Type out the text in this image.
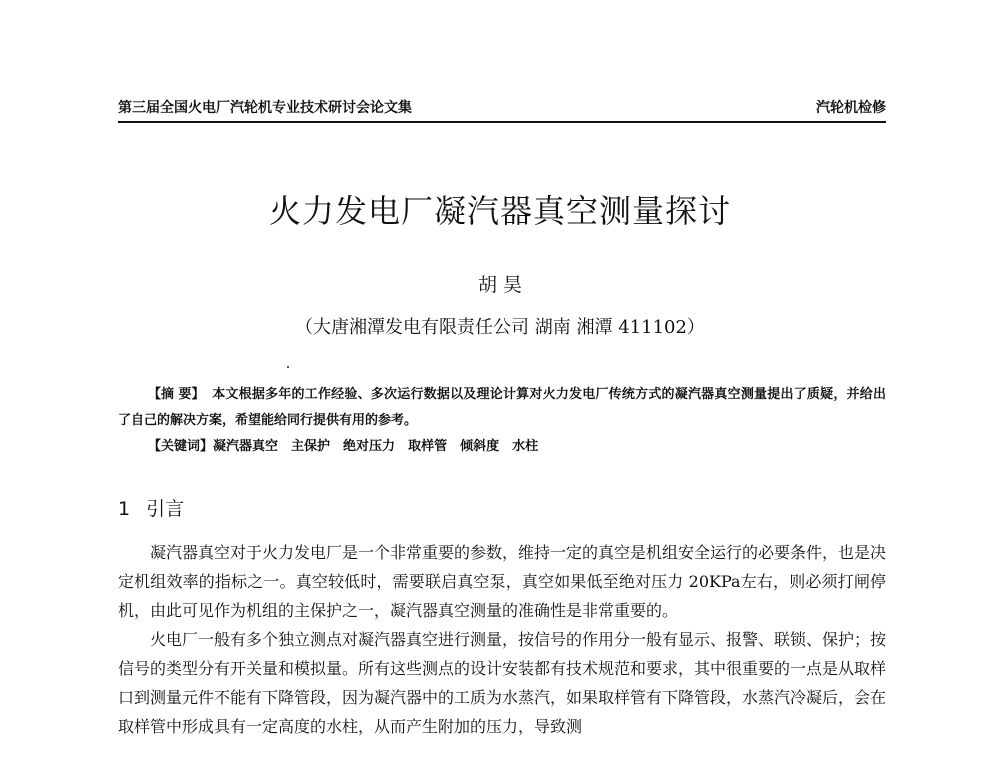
第三届全国火电厂汽轮机专业技术研讨会论文集	汽轮机检修
火力发电厂凝汽器真空测量探讨
胡 昊
（大唐湘潭发电有限责任公司 湖南 湘潭 411102）
【摘 要】 本文根据多年的工作经验、多次运行数据以及理论计算对火力发电厂传统方式的凝汽器真空测量提出了质疑，并给出了自己的解决方案，希望能给同行提供有用的参考。
【关键词】凝汽器真空 主保护 绝对压力 取样管 倾斜度 水柱
1 引言

凝汽器真空对于火力发电厂是一个非常重要的参数，维持一定的真空是机组安全运行的必要条件，也是决定机组效率的指标之一。真空较低时，需要联启真空泵，真空如果低至绝对压力 20KPa左右，则必须打闸停机，由此可见作为机组的主保护之一，凝汽器真空测量的准确性是非常重要的。

火电厂一般有多个独立测点对凝汽器真空进行测量，按信号的作用分一般有显示、报警、联锁、保护；按信号的类型分有开关量和模拟量。所有这些测点的设计安装都有技术规范和要求，其中很重要的一点是从取样口到测量元件不能有下降管段，因为凝汽器中的工质为水蒸汽，如果取样管有下降管段，水蒸汽冷凝后，会在取样管中形成具有一定高度的水柱，从而产生附加的压力，导致测
